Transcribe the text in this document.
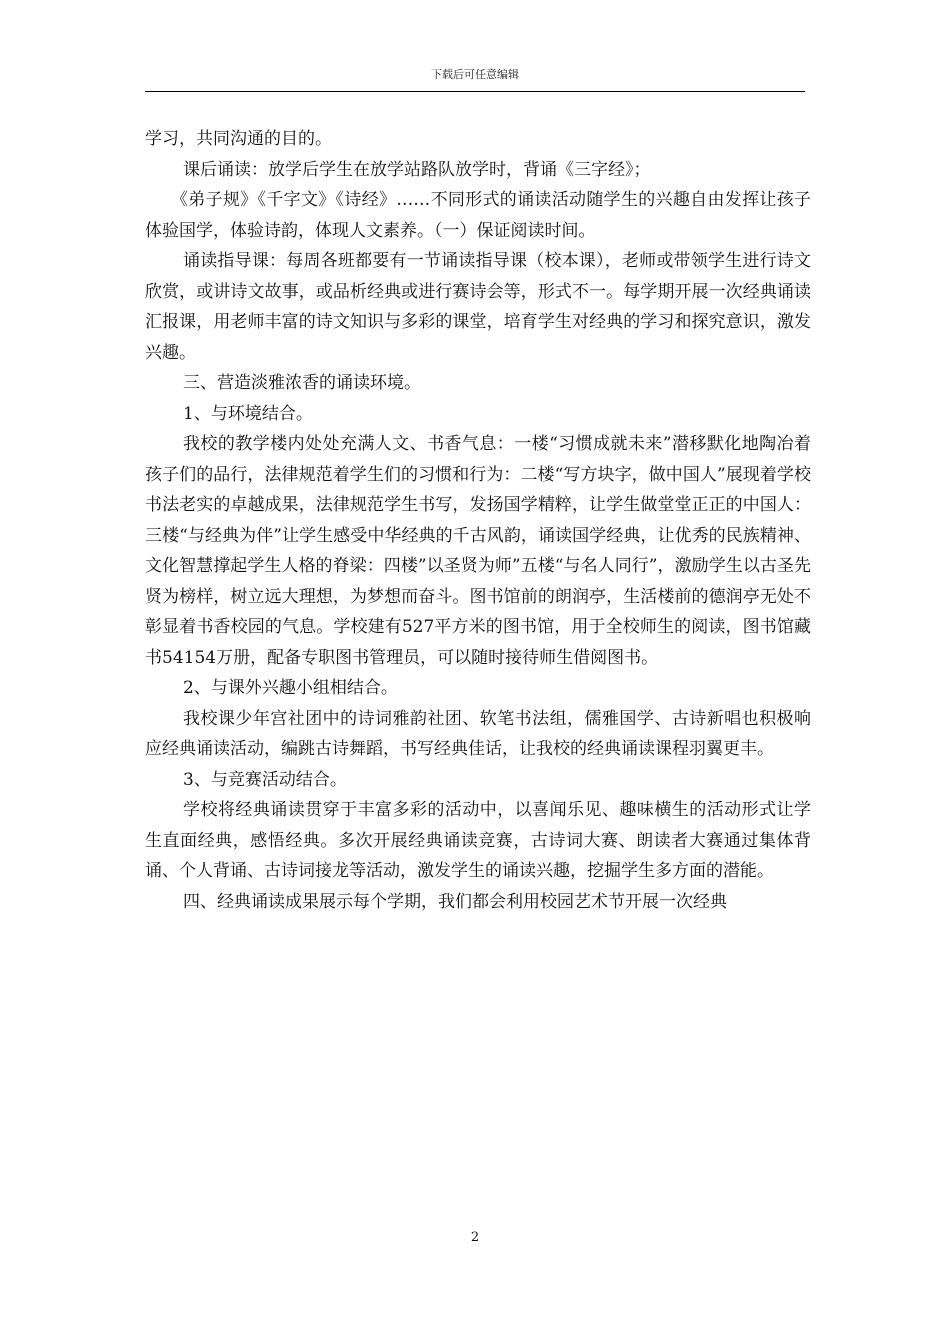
下载后可任意编辑

学习，共同沟通的目的。

课后诵读：放学后学生在放学站路队放学时，背诵《三字经》；

《弟子规》《千字文》《诗经》……不同形式的诵读活动随学生的兴趣自由发挥让孩子体验国学，体验诗韵，体现人文素养。（一）保证阅读时间。

诵读指导课：每周各班都要有一节诵读指导课（校本课），老师或带领学生进行诗文欣赏，或讲诗文故事，或品析经典或进行赛诗会等，形式不一。每学期开展一次经典诵读汇报课，用老师丰富的诗文知识与多彩的课堂，培育学生对经典的学习和探究意识，激发兴趣。

三、营造淡雅浓香的诵读环境。

1、与环境结合。

我校的教学楼内处处充满人文、书香气息：一楼“习惯成就未来”潜移默化地陶冶着孩子们的品行，法律规范着学生们的习惯和行为：二楼“写方块字，做中国人”展现着学校书法老实的卓越成果，法律规范学生书写，发扬国学精粹，让学生做堂堂正正的中国人：三楼“与经典为伴”让学生感受中华经典的千古风韵，诵读国学经典，让优秀的民族精神、文化智慧撑起学生人格的脊梁：四楼”以圣贤为师”五楼“与名人同行”，激励学生以古圣先贤为榜样，树立远大理想，为梦想而奋斗。图书馆前的朗润亭，生活楼前的德润亭无处不彰显着书香校园的气息。学校建有527平方米的图书馆，用于全校师生的阅读，图书馆藏书54154万册，配备专职图书管理员，可以随时接待师生借阅图书。

2、与课外兴趣小组相结合。

我校课少年宫社团中的诗词雅韵社团、软笔书法组，儒雅国学、古诗新唱也积极响应经典诵读活动，编跳古诗舞蹈，书写经典佳话，让我校的经典诵读课程羽翼更丰。

3、与竞赛活动结合。

学校将经典诵读贯穿于丰富多彩的活动中，以喜闻乐见、趣味横生的活动形式让学生直面经典，感悟经典。多次开展经典诵读竞赛，古诗词大赛、朗读者大赛通过集体背诵、个人背诵、古诗词接龙等活动，激发学生的诵读兴趣，挖掘学生多方面的潜能。

四、经典诵读成果展示每个学期，我们都会利用校园艺术节开展一次经典

2
